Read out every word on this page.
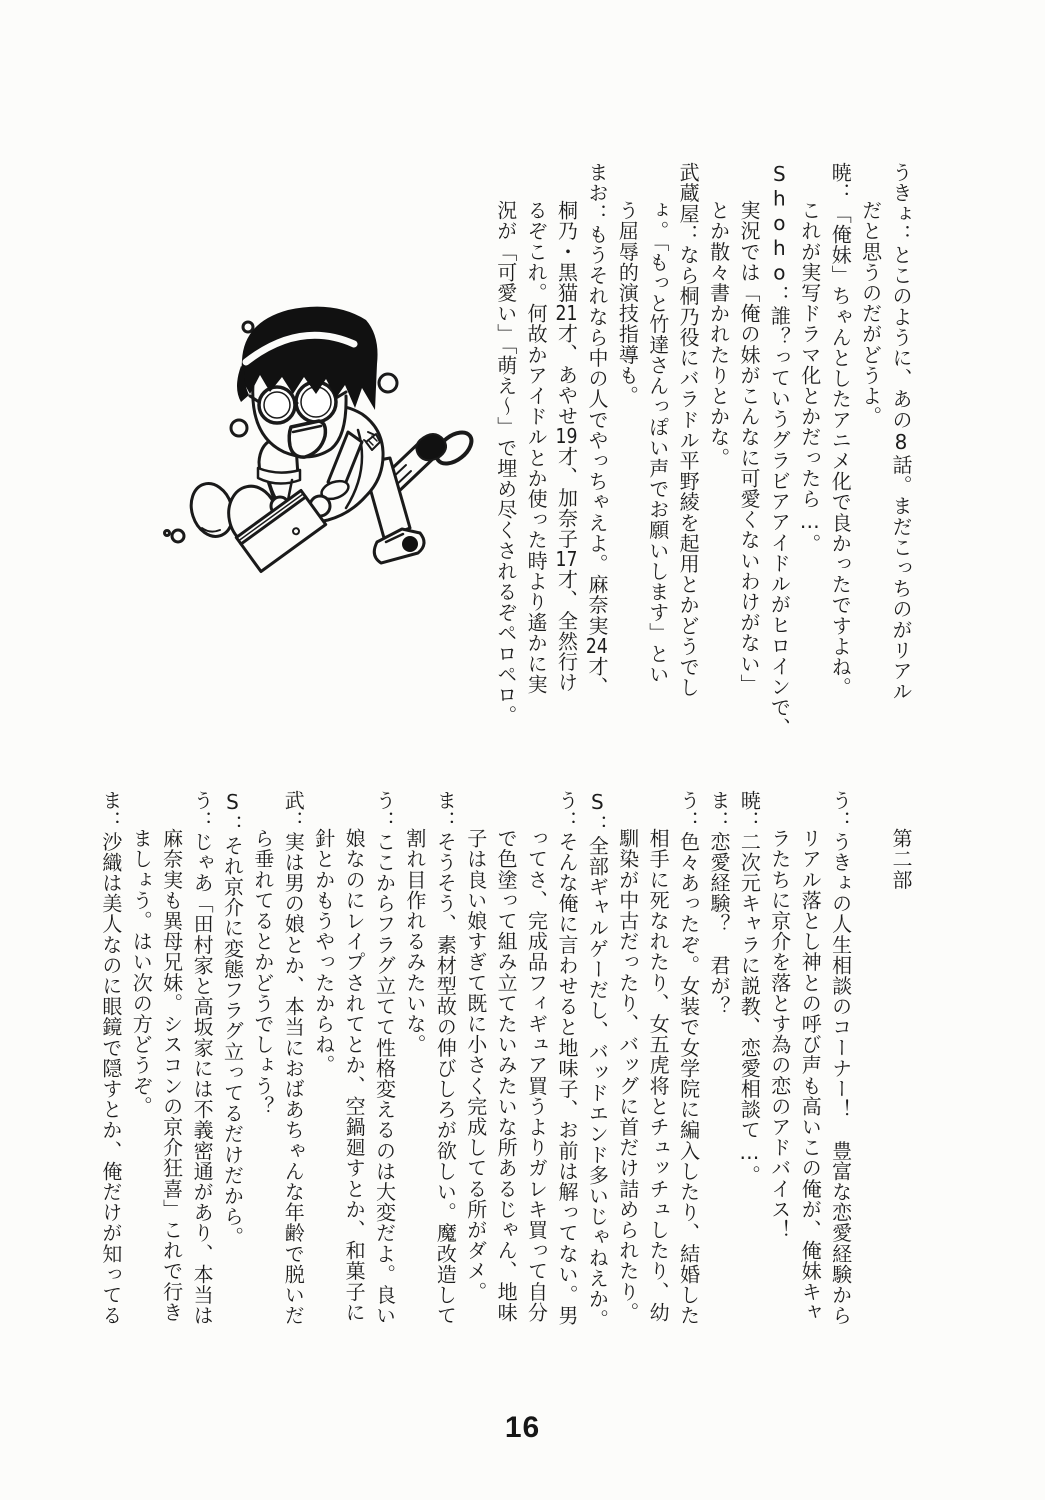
うきょ：とこのように、あの8話。まだこっちのがリアル
だと思うのだがどうよ。
暁：「俺妹」ちゃんとしたアニメ化で良かったですよね。
これが実写ドラマ化とかだったら…。
Shoho：誰？っていうグラビアアイドルがヒロインで、
実況では「俺の妹がこんなに可愛くないわけがない」
とか散々書かれたりとかな。
武蔵屋：なら桐乃役にバラドル平野綾を起用とかどうでし
ょ。「もっと竹達さんっぽい声でお願いします」とい
う屈辱的演技指導も。
まお：もうそれなら中の人でやっちゃえよ。麻奈実24才、
桐乃・黒猫21才、あやせ19才、加奈子17才、全然行け
るぞこれ。何故かアイドルとか使った時より遙かに実
況が「可愛い」「萌え〜」で埋め尽くされるぞペロペロ。
第二部
う：うきょの人生相談のコーナー！　豊富な恋愛経験から
リアル落とし神との呼び声も高いこの俺が、俺妹キャ
ラたちに京介を落とす為の恋のアドバイス！
暁：二次元キャラに説教、恋愛相談て…。
ま：恋愛経験？　君が？
う：色々あったぞ。女装で女学院に編入したり、結婚した
相手に死なれたり、女五虎将とチュッチュしたり、幼
馴染が中古だったり、バッグに首だけ詰められたり。
S：全部ギャルゲーだし、バッドエンド多いじゃねえか。
う：そんな俺に言わせると地味子、お前は解ってない。男
ってさ、完成品フィギュア買うよりガレキ買って自分
で色塗って組み立てたいみたいな所あるじゃん、地味
子は良い娘すぎて既に小さく完成してる所がダメ。
ま：そうそう、素材型故の伸びしろが欲しい。魔改造して
割れ目作れるみたいな。
う：ここからフラグ立てて性格変えるのは大変だよ。良い
娘なのにレイプされてとか、空鍋廻すとか、和菓子に
針とかもうやったからね。
武：実は男の娘とか、本当におばあちゃんな年齢で脱いだ
ら垂れてるとかどうでしょう？
S：それ京介に変態フラグ立ってるだけだから。
う：じゃあ「田村家と高坂家には不義密通があり、本当は
麻奈実も異母兄妹。シスコンの京介狂喜」これで行き
ましょう。はい次の方どうぞ。
ま：沙織は美人なのに眼鏡で隠すとか、俺だけが知ってる
16
